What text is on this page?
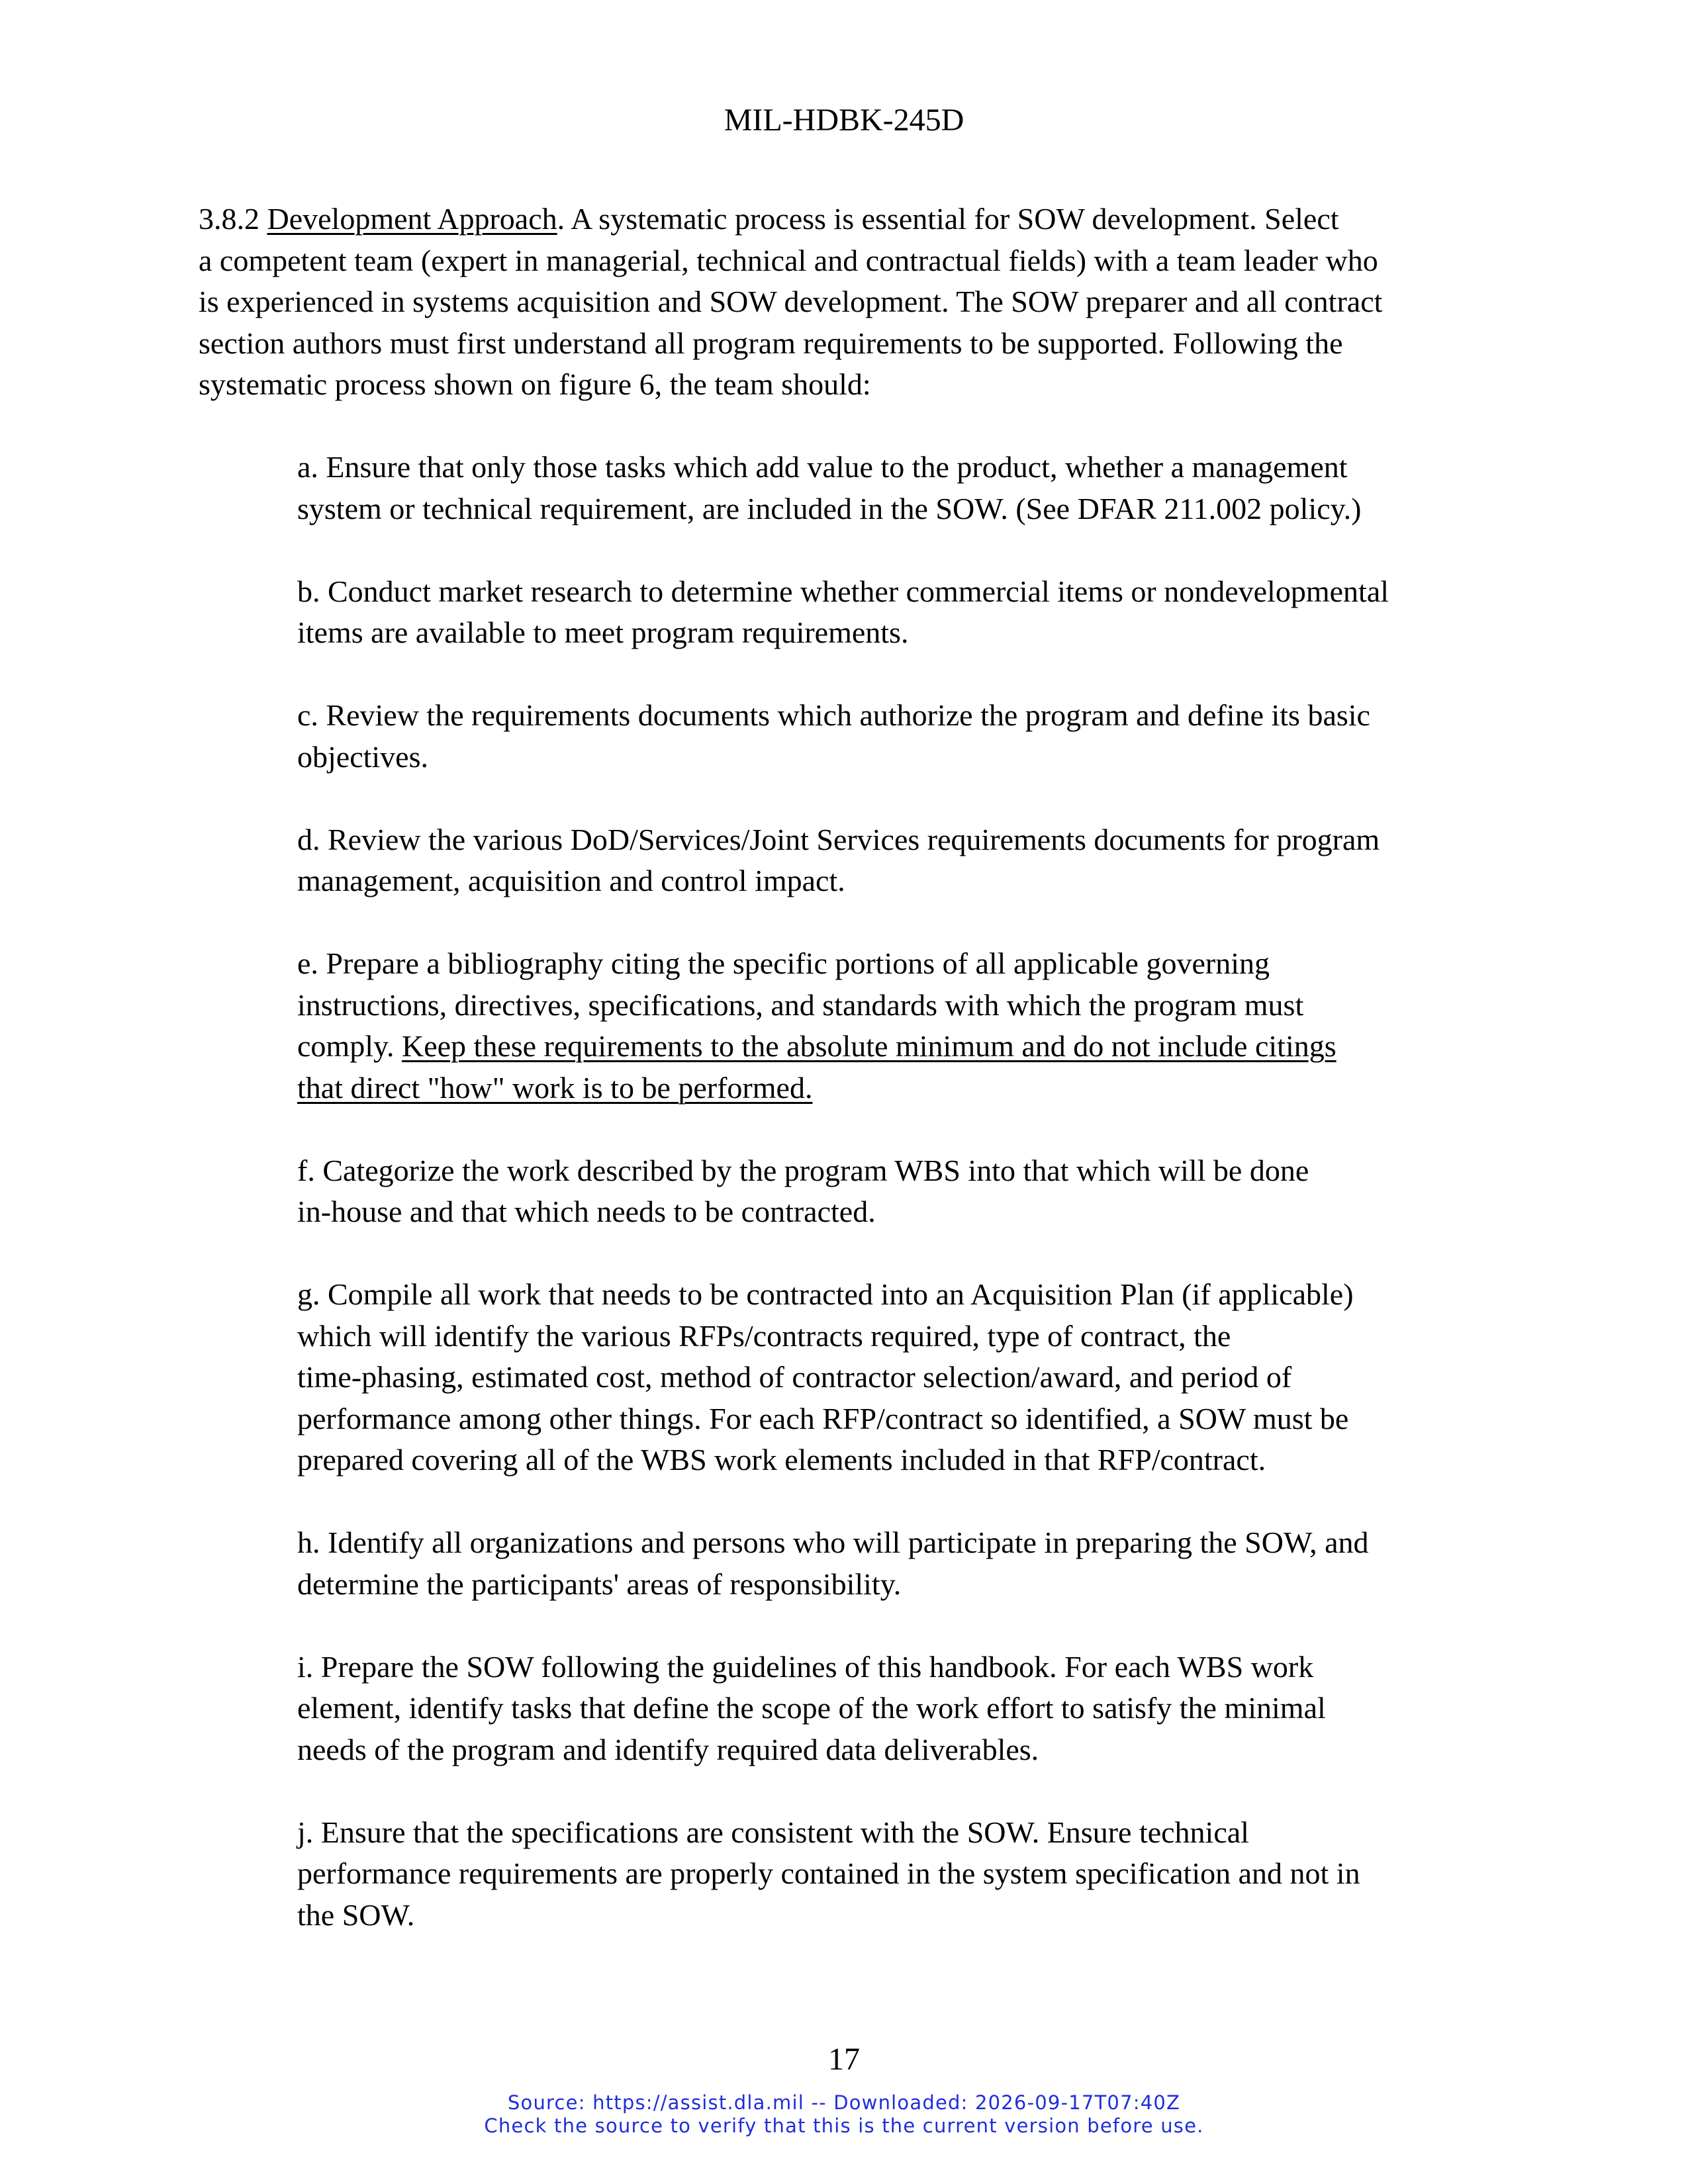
MIL-HDBK-245D

3.8.2 Development Approach. A systematic process is essential for SOW development. Select
a competent team (expert in managerial, technical and contractual fields) with a team leader who
is experienced in systems acquisition and SOW development. The SOW preparer and all contract
section authors must first understand all program requirements to be supported. Following the
systematic process shown on figure 6, the team should:

a. Ensure that only those tasks which add value to the product, whether a management
system or technical requirement, are included in the SOW. (See DFAR 211.002 policy.)

b. Conduct market research to determine whether commercial items or nondevelopmental
items are available to meet program requirements.

c. Review the requirements documents which authorize the program and define its basic
objectives.

d. Review the various DoD/Services/Joint Services requirements documents for program
management, acquisition and control impact.

e. Prepare a bibliography citing the specific portions of all applicable governing
instructions, directives, specifications, and standards with which the program must
comply. Keep these requirements to the absolute minimum and do not include citings
that direct "how" work is to be performed.

f. Categorize the work described by the program WBS into that which will be done
in-house and that which needs to be contracted.

g. Compile all work that needs to be contracted into an Acquisition Plan (if applicable)
which will identify the various RFPs/contracts required, type of contract, the
time-phasing, estimated cost, method of contractor selection/award, and period of
performance among other things. For each RFP/contract so identified, a SOW must be
prepared covering all of the WBS work elements included in that RFP/contract.

h. Identify all organizations and persons who will participate in preparing the SOW, and
determine the participants' areas of responsibility.

i. Prepare the SOW following the guidelines of this handbook. For each WBS work
element, identify tasks that define the scope of the work effort to satisfy the minimal
needs of the program and identify required data deliverables.

j. Ensure that the specifications are consistent with the SOW. Ensure technical
performance requirements are properly contained in the system specification and not in
the SOW.

17
Source: https://assist.dla.mil -- Downloaded: 2026-09-17T07:40Z
Check the source to verify that this is the current version before use.
